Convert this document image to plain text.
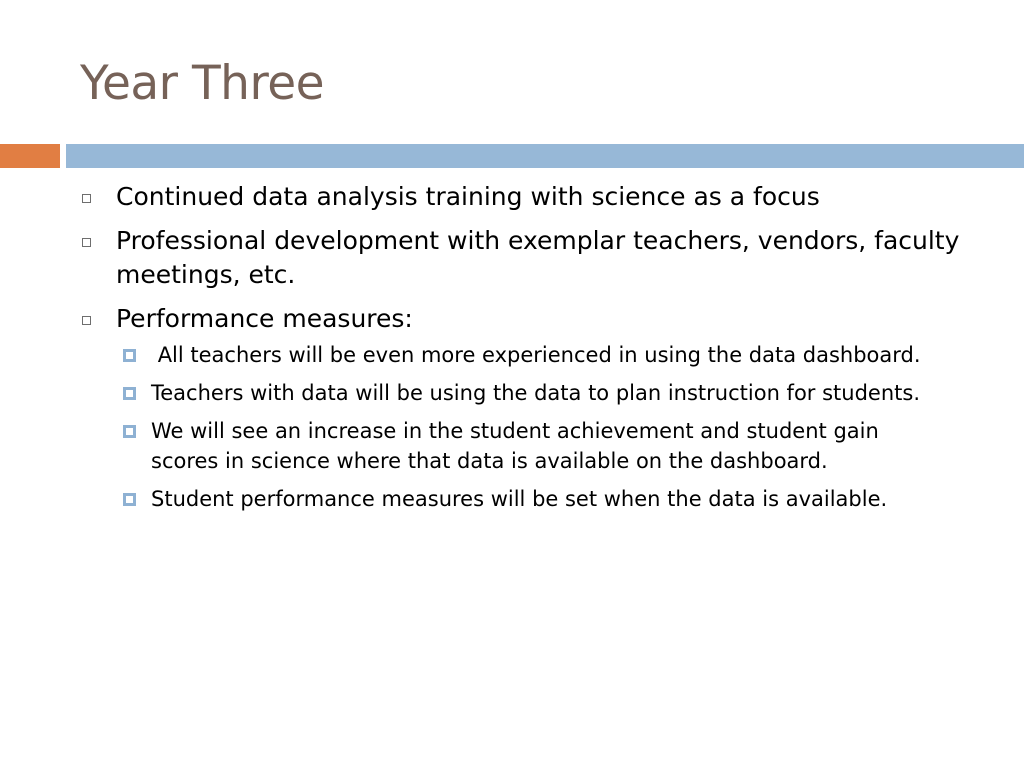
Year Three
Continued data analysis training with science as a focus
Professional development with exemplar teachers, vendors, faculty meetings, etc.
Performance measures:
All teachers will be even more experienced in using the data dashboard.
Teachers with data will be using the data to plan instruction for students.
We will see an increase in the student achievement and student gain scores in science where that data is available on the dashboard.
Student performance measures will be set when the data is available.
